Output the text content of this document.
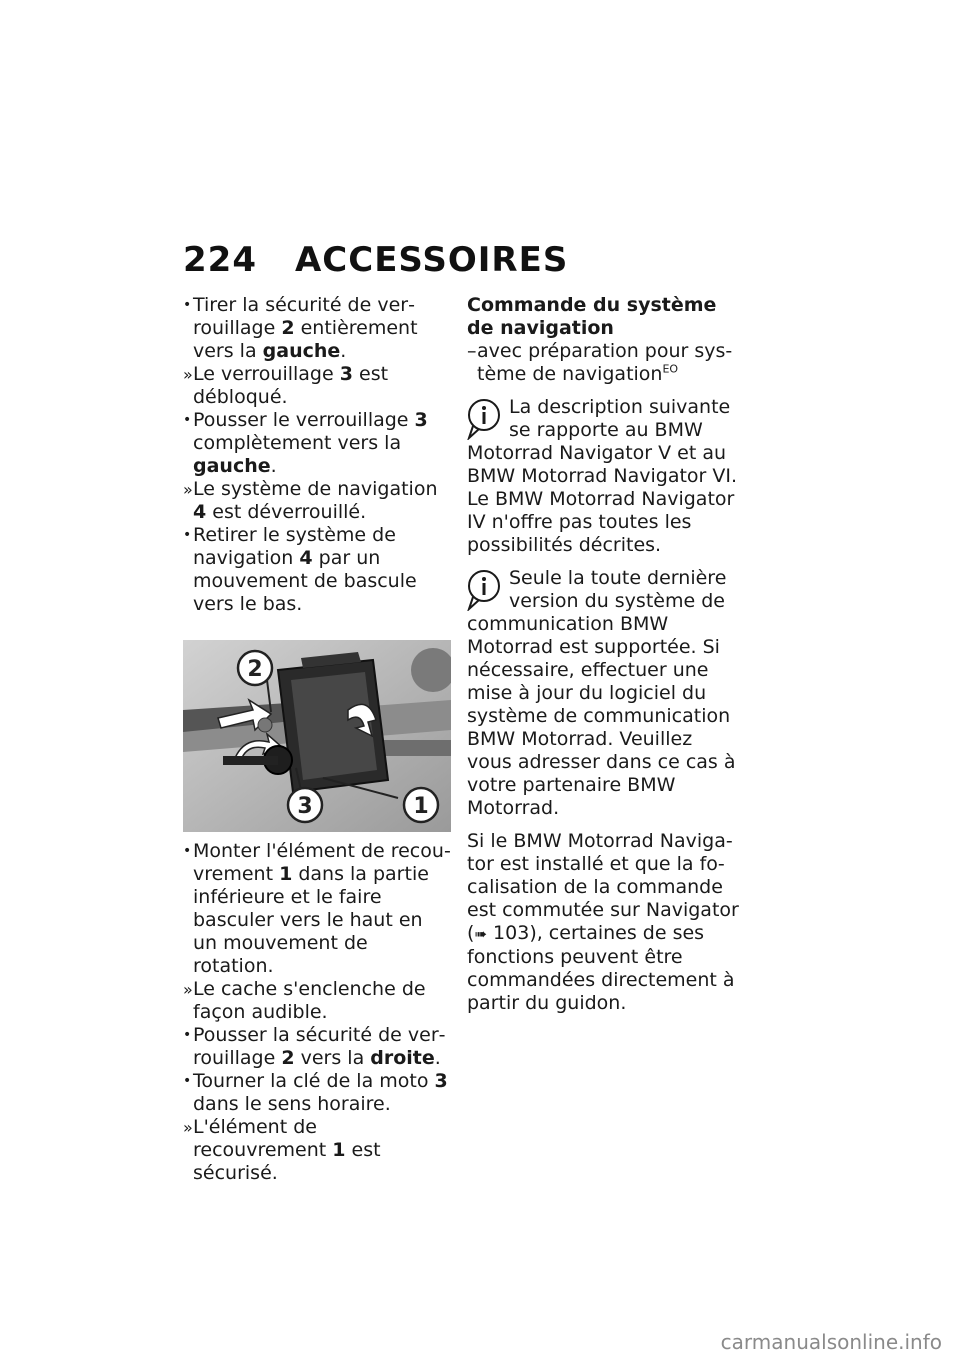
224 ACCESSOIRES

• Tirer la sécurité de verrouillage 2 entièrement vers la gauche.

» Le verrouillage 3 est débloqué.

• Pousser le verrouillage 3 complètement vers la gauche.

» Le système de navigation 4 est déverrouillé.

• Retirer le système de navigation 4 par un mouvement de bascule vers le bas.

2
3	1

• Monter l'élément de recouvrement 1 dans la partie inférieure et le faire basculer vers le haut en un mouvement de rotation.

» Le cache s'enclenche de façon audible.

• Pousser la sécurité de verrouillage 2 vers la droite.

• Tourner la clé de la moto 3 dans le sens horaire.

» L'élément de recouvrement 1 est sécurisé.

Commande du système de navigation

– avec préparation pour système de navigation$^{EO}$

La description suivante se rapporte au BMW Motorrad Navigator V et au BMW Motorrad Navigator VI. Le BMW Motorrad Navigator IV n'offre pas toutes les possibilités décrites.
Seule la toute dernière version du système de communication BMW Motorrad est supportée. Si nécessaire, effectuer une mise à jour du logiciel du système de communication BMW Motorrad. Veuillez vous adresser dans ce cas à votre partenaire BMW Motorrad.

Si le BMW Motorrad Navigator est installé et que la focalisation de la commande est commutée sur Navigator (➠ 103), certaines de ses fonctions peuvent être commandées directement à partir du guidon.

carmanualsonline.info
